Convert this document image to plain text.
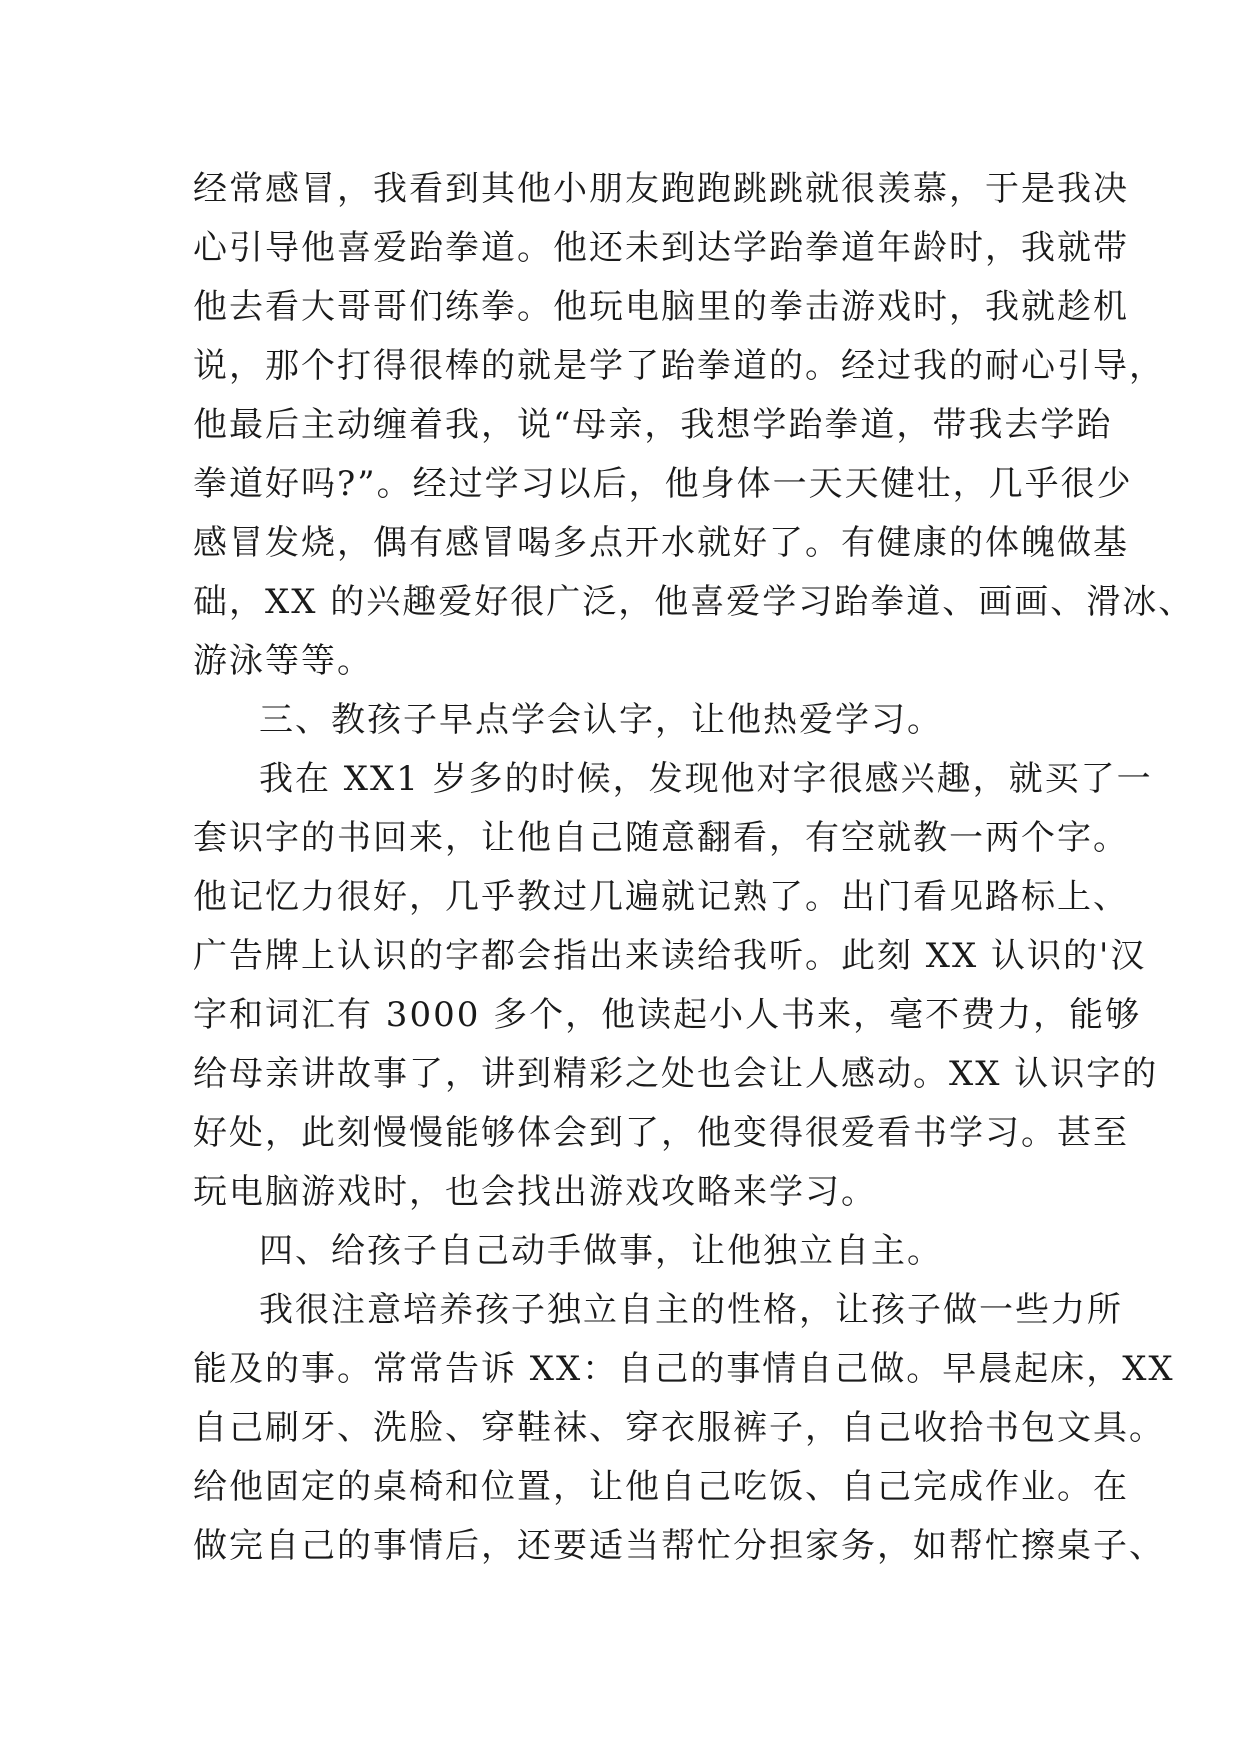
经常感冒，我看到其他小朋友跑跑跳跳就很羡慕，于是我决
心引导他喜爱跆拳道。他还未到达学跆拳道年龄时，我就带
他去看大哥哥们练拳。他玩电脑里的拳击游戏时，我就趁机
说，那个打得很棒的就是学了跆拳道的。经过我的耐心引导，
他最后主动缠着我，说“母亲，我想学跆拳道，带我去学跆
拳道好吗?”。经过学习以后，他身体一天天健壮，几乎很少
感冒发烧，偶有感冒喝多点开水就好了。有健康的体魄做基
础，XX 的兴趣爱好很广泛，他喜爱学习跆拳道、画画、滑冰、
游泳等等。
三、教孩子早点学会认字，让他热爱学习。
我在 XX1 岁多的时候，发现他对字很感兴趣，就买了一
套识字的书回来，让他自己随意翻看，有空就教一两个字。
他记忆力很好，几乎教过几遍就记熟了。出门看见路标上、
广告牌上认识的字都会指出来读给我听。此刻 XX 认识的'汉
字和词汇有 3000 多个，他读起小人书来，毫不费力，能够
给母亲讲故事了，讲到精彩之处也会让人感动。XX 认识字的
好处，此刻慢慢能够体会到了，他变得很爱看书学习。甚至
玩电脑游戏时，也会找出游戏攻略来学习。
四、给孩子自己动手做事，让他独立自主。
我很注意培养孩子独立自主的性格，让孩子做一些力所
能及的事。常常告诉 XX：自己的事情自己做。早晨起床，XX
自己刷牙、洗脸、穿鞋袜、穿衣服裤子，自己收拾书包文具。
给他固定的桌椅和位置，让他自己吃饭、自己完成作业。在
做完自己的事情后，还要适当帮忙分担家务，如帮忙擦桌子、
